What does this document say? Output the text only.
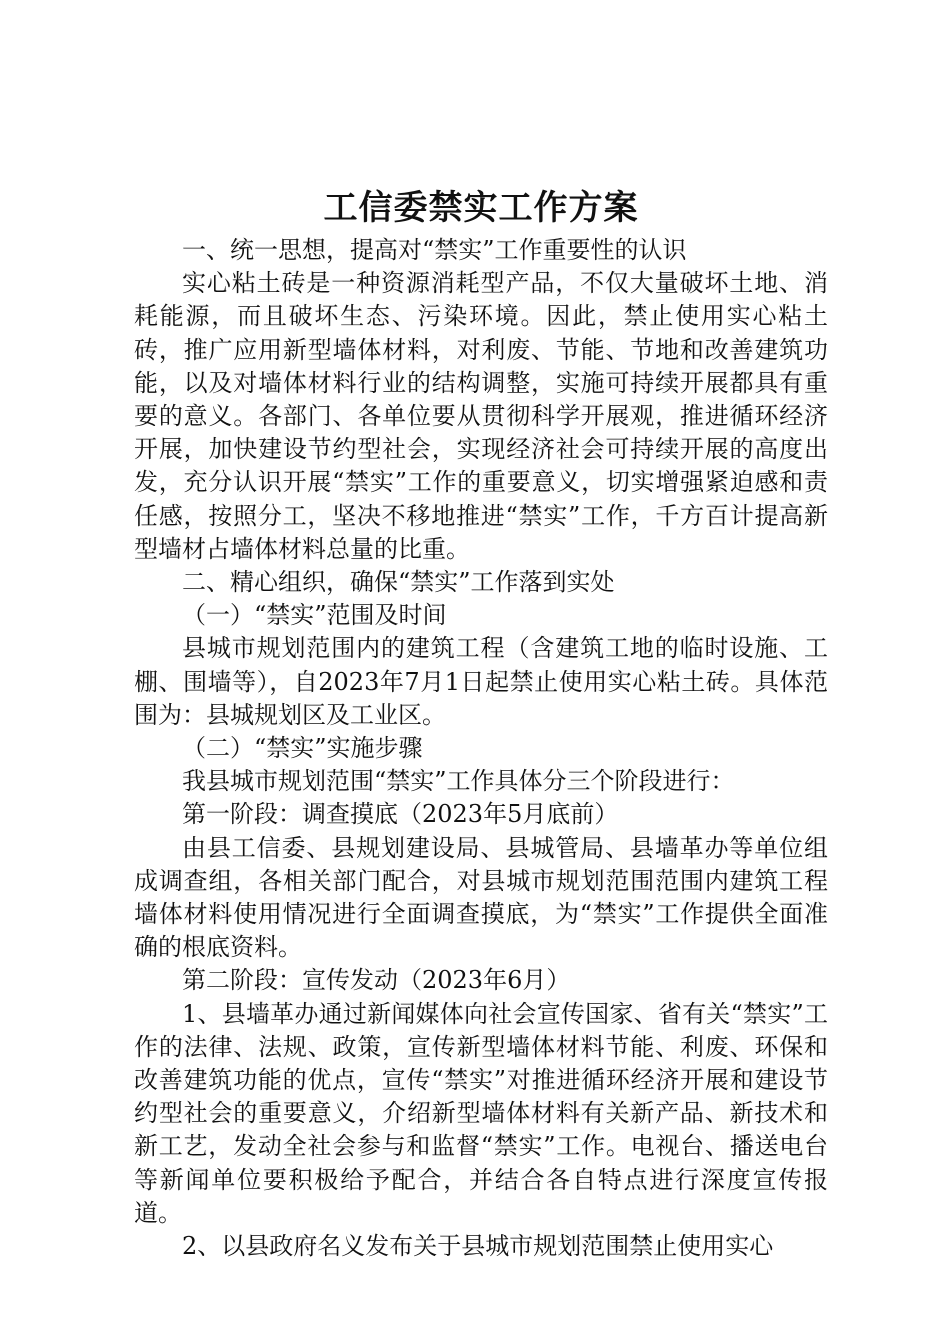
工信委禁实工作方案

一、统一思想，提高对“禁实”工作重要性的认识

实心粘土砖是一种资源消耗型产品，不仅大量破坏土地、消耗能源，而且破坏生态、污染环境。因此，禁止使用实心粘土砖，推广应用新型墙体材料，对利废、节能、节地和改善建筑功能，以及对墙体材料行业的结构调整，实施可持续开展都具有重要的意义。各部门、各单位要从贯彻科学开展观，推进循环经济开展，加快建设节约型社会，实现经济社会可持续开展的高度出发，充分认识开展“禁实”工作的重要意义，切实增强紧迫感和责任感，按照分工，坚决不移地推进“禁实”工作，千方百计提高新型墙材占墙体材料总量的比重。

二、精心组织，确保“禁实”工作落到实处

（一）“禁实”范围及时间

县城市规划范围内的建筑工程（含建筑工地的临时设施、工棚、围墙等），自2023年7月1日起禁止使用实心粘土砖。具体范围为：县城规划区及工业区。

（二）“禁实”实施步骤

我县城市规划范围“禁实”工作具体分三个阶段进行：

第一阶段：调查摸底（2023年5月底前）

由县工信委、县规划建设局、县城管局、县墙革办等单位组成调查组，各相关部门配合，对县城市规划范围范围内建筑工程墙体材料使用情况进行全面调查摸底，为“禁实”工作提供全面准确的根底资料。

第二阶段：宣传发动（2023年6月）

1、县墙革办通过新闻媒体向社会宣传国家、省有关“禁实”工作的法律、法规、政策，宣传新型墙体材料节能、利废、环保和改善建筑功能的优点，宣传“禁实”对推进循环经济开展和建设节约型社会的重要意义，介绍新型墙体材料有关新产品、新技术和新工艺，发动全社会参与和监督“禁实”工作。电视台、播送电台等新闻单位要积极给予配合，并结合各自特点进行深度宣传报道。

2、以县政府名义发布关于县城市规划范围禁止使用实心
